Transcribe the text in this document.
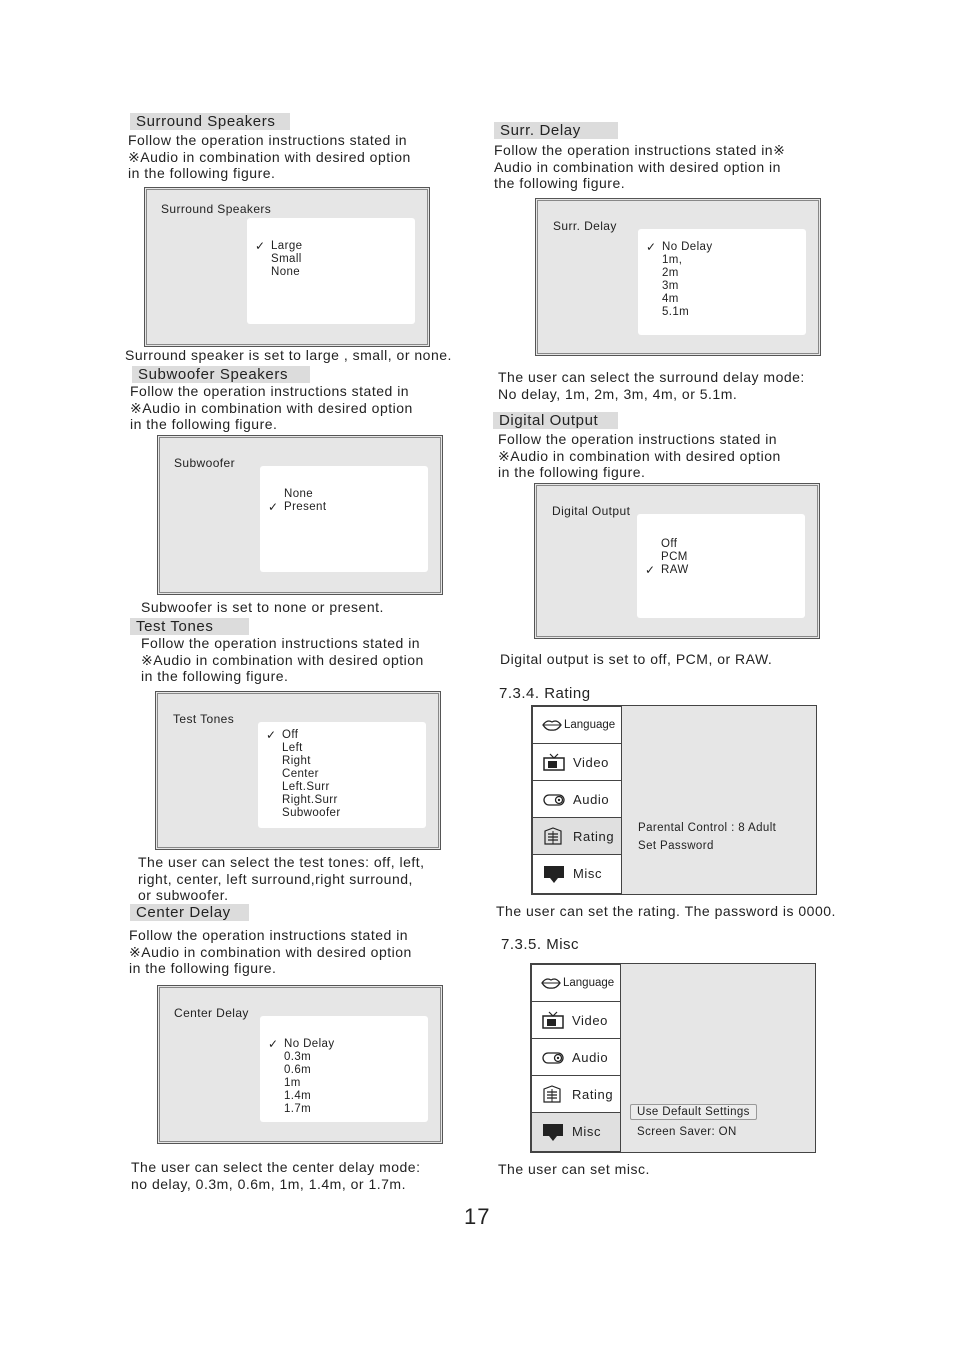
Surround Speakers
Follow the operation instructions stated in
※Audio in combination with desired option
in the following figure.
Surround Speakers
✓ Large
Small
None
Surround speaker is set to large , small, or none.
Subwoofer Speakers
Follow the operation instructions stated in
※Audio in combination with desired option
in the following figure.
Subwoofer
None
✓ Present
Subwoofer is set to none or present.
Test Tones
Follow the operation instructions stated in
※Audio in combination with desired option
in the following figure.
Test Tones
✓ Off
Left
Right
Center
Left.Surr
Right.Surr
Subwoofer
The user can select the test tones: off, left,
right, center, left surround,right surround,
or subwoofer.
Center Delay
Follow the operation instructions stated in
※Audio in combination with desired option
in the following figure.
Center Delay
✓ No Delay
0.3m
0.6m
1m
1.4m
1.7m
The user can select the center delay mode:
no delay, 0.3m, 0.6m, 1m, 1.4m, or 1.7m.
Surr. Delay
Follow the operation instructions stated in※
Audio in combination with desired option in
the following figure.
Surr. Delay
✓ No Delay
1m,
2m
3m
4m
5.1m
The user can select the surround delay mode:
No delay, 1m, 2m, 3m, 4m, or 5.1m.
Digital Output
Follow the operation instructions stated in
※Audio in combination with desired option
in the following figure.
Digital Output
Off
PCM
✓ RAW
Digital output is set to off, PCM, or RAW.
7.3.4. Rating
Language
Video
Audio
Rating
Misc
Parental Control : 8 Adult
Set Password
The user can set the rating. The password is 0000.
7.3.5. Misc
Language
Video
Audio
Rating
Misc
Use Default Settings
Screen Saver: ON
The user can set misc.
17
